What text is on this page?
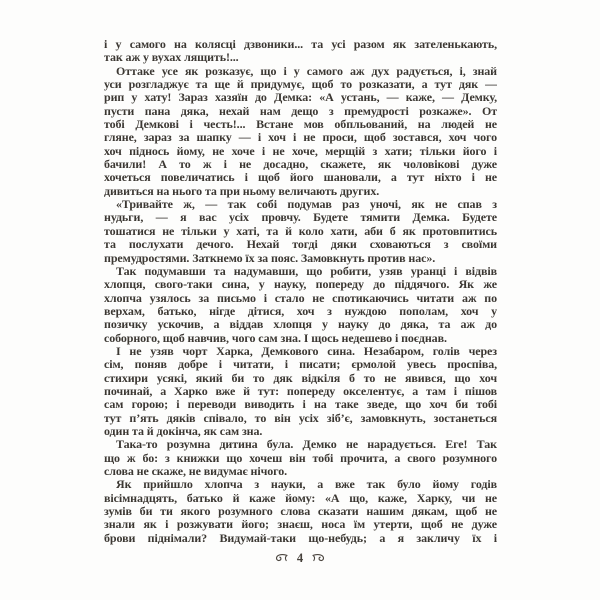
і у самого на колясці дзвоники... та усі разом як зателенькають,
так аж у вухах лящить!...

Оттаке усе як розказує, що і у самого аж дух радується, і, знай
уси розгладжує та ще й придумує, щоб то розказати, а тут дяк —
рип у хату! Зараз хазяїн до Демка: «А устань, — каже, — Демку,
пусти пана дяка, нехай нам дещо з премудрості розкаже». От
тобі Демкові і честь!... Встане мов обпльований, на людей не
гляне, зараз за шапку — і хоч і не проси, щоб зостався, хоч чого
хоч піднось йому, не хоче і не хоче, мерщій з хати; тільки його і
бачили! А то ж і не досадно, скажете, як чоловікові дуже
хочеться повеличатись і щоб його шановали, а тут ніхто і не
дивиться на нього та при ньому величають других.

«Тривайте ж, — так собі подумав раз уночі, як не спав з
нудьги, — я вас усіх провчу. Будете тямити Демка. Будете
тошатися не тільки у хаті, та й коло хати, аби б як протовпитись
та послухати дечого. Нехай тогді дяки сховаються з своїми
премудростями. Заткнемо їх за пояс. Замовкнуть против нас».

Так подумавши та надумавши, що робити, узяв уранці і відвів
хлопця, свого-таки сина, у науку, попереду до піддячого. Як же
хлопча узялось за письмо і стало не спотикаючись читати аж по
верхам, батько, нігде дітися, хоч з нуждою пополам, хоч у
позичку ускочив, а віддав хлопця у науку до дяка, та аж до
соборного, щоб навчив, чого сам зна. І щось недешево і поєднав.

І не узяв чорт Харка, Демкового сина. Незабаром, голів через
сім, поняв добре і читати, і писати; єрмолой увесь проспіва,
стихири усякі, який би то дяк відкіля б то не явився, що хоч
починай, а Харко вже й тут: попереду окселентує, а там і пішов
сам горою; і переводи виводить і на таке зведе, що хоч би тобі
тут п’ять дяків співало, то він усіх зіб’є, замовкнуть, зостанеться
один та й докінча, як сам зна.

Така-то розумна дитина була. Демко не нарадується. Еге! Так
що ж бо: з книжки що хочеш він тобі прочита, а свого розумного
слова не скаже, не видумає нічого.

Як прийшло хлопча з науки, а вже так було йому годів
вісімнадцять, батько й каже йому: «А що, каже, Харку, чи не
зумів би ти якого розумного слова сказати нашим дякам, щоб не
знали як і розжувати його; знаєш, носа їм утерти, щоб не дуже
брови піднімали? Видумай-таки що-небудь; а я закличу їх і

4
